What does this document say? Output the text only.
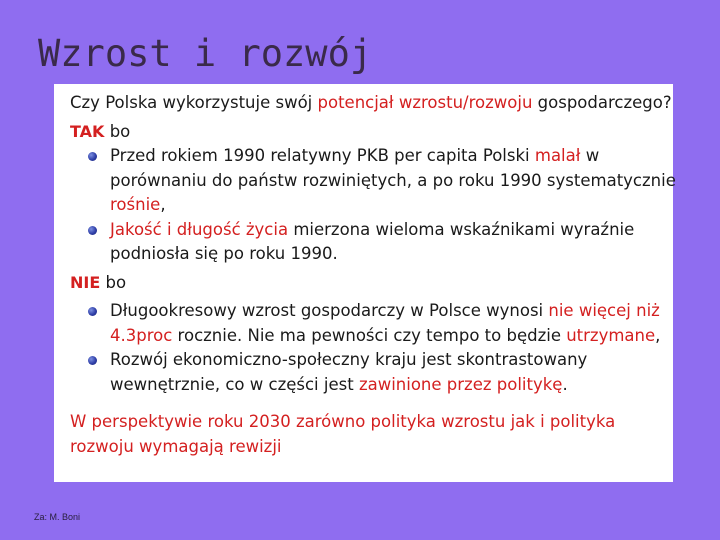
Wzrost i rozwój
Czy Polska wykorzystuje swój potencjał wzrostu/rozwoju gospodarczego?
TAK bo
Przed rokiem 1990 relatywny PKB per capita Polski malał w
porównaniu do państw rozwiniętych, a po roku 1990 systematycznie
rośnie,
Jakość i długość życia mierzona wieloma wskaźnikami wyraźnie
podniosła się po roku 1990.
NIE bo
Długookresowy wzrost gospodarczy w Polsce wynosi nie więcej niż
4.3proc rocznie. Nie ma pewności czy tempo to będzie utrzymane,
Rozwój ekonomiczno-społeczny kraju jest skontrastowany
wewnętrznie, co w części jest zawinione przez politykę.
W perspektywie roku 2030 zarówno polityka wzrostu jak i polityka
rozwoju wymagają rewizji
Za: M. Boni
